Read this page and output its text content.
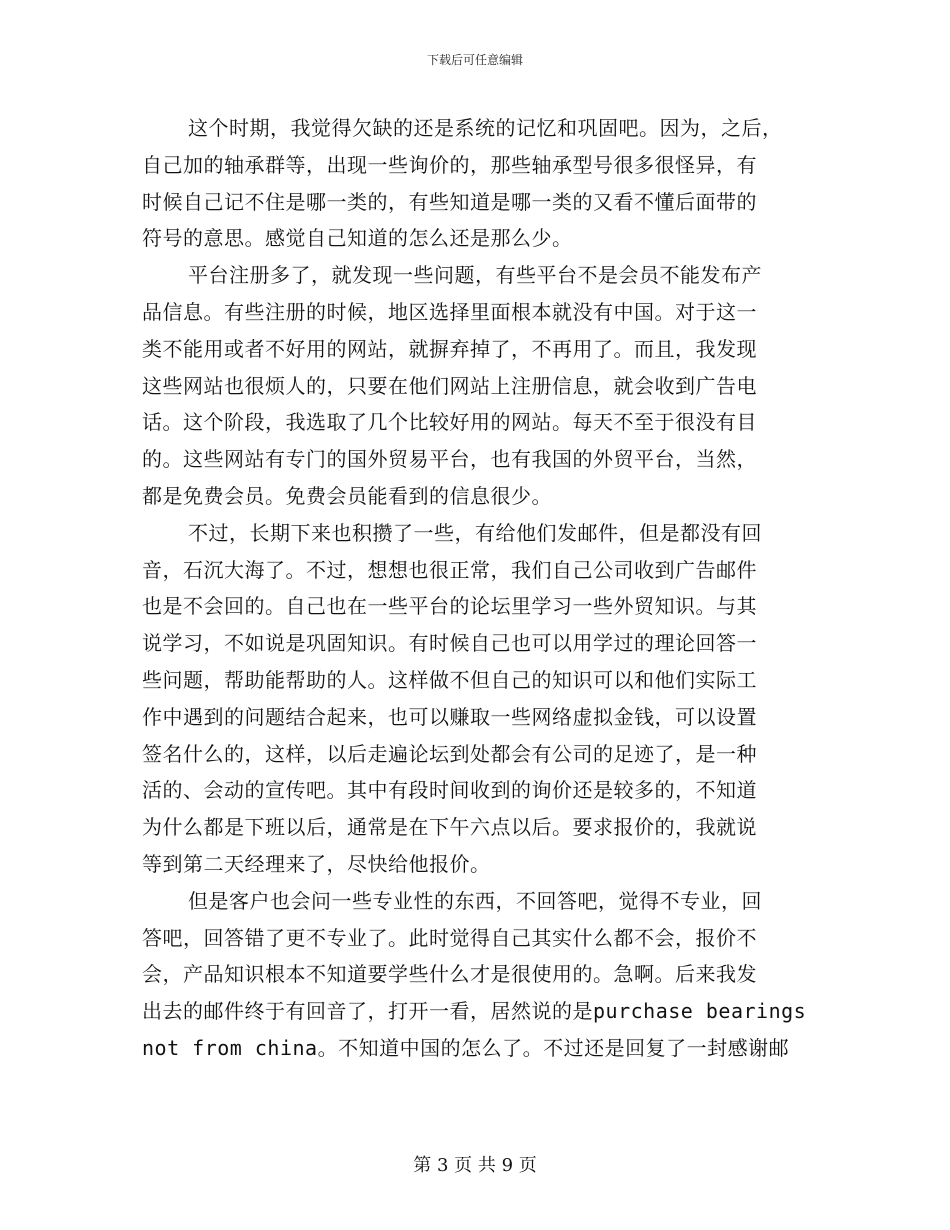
下载后可任意编辑
这个时期，我觉得欠缺的还是系统的记忆和巩固吧。因为，之后，
自己加的轴承群等，出现一些询价的，那些轴承型号很多很怪异，有
时候自己记不住是哪一类的，有些知道是哪一类的又看不懂后面带的
符号的意思。感觉自己知道的怎么还是那么少。
平台注册多了，就发现一些问题，有些平台不是会员不能发布产
品信息。有些注册的时候，地区选择里面根本就没有中国。对于这一
类不能用或者不好用的网站，就摒弃掉了，不再用了。而且，我发现
这些网站也很烦人的，只要在他们网站上注册信息，就会收到广告电
话。这个阶段，我选取了几个比较好用的网站。每天不至于很没有目
的。这些网站有专门的国外贸易平台，也有我国的外贸平台，当然，
都是免费会员。免费会员能看到的信息很少。
不过，长期下来也积攒了一些，有给他们发邮件，但是都没有回
音，石沉大海了。不过，想想也很正常，我们自己公司收到广告邮件
也是不会回的。自己也在一些平台的论坛里学习一些外贸知识。与其
说学习，不如说是巩固知识。有时候自己也可以用学过的理论回答一
些问题，帮助能帮助的人。这样做不但自己的知识可以和他们实际工
作中遇到的问题结合起来，也可以赚取一些网络虚拟金钱，可以设置
签名什么的，这样，以后走遍论坛到处都会有公司的足迹了，是一种
活的、会动的宣传吧。其中有段时间收到的询价还是较多的，不知道
为什么都是下班以后，通常是在下午六点以后。要求报价的，我就说
等到第二天经理来了，尽快给他报价。
但是客户也会问一些专业性的东西，不回答吧，觉得不专业，回
答吧，回答错了更不专业了。此时觉得自己其实什么都不会，报价不
会，产品知识根本不知道要学些什么才是很使用的。急啊。后来我发
出去的邮件终于有回音了，打开一看，居然说的是purchase bearings
not from china。不知道中国的怎么了。不过还是回复了一封感谢邮
第 3 页 共 9 页
